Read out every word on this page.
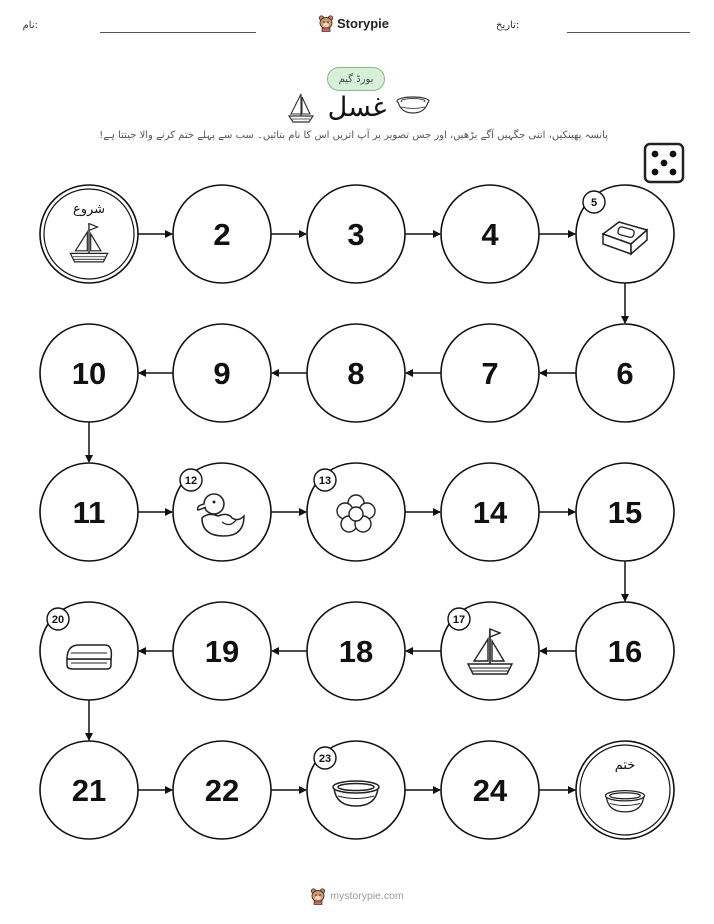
نام:	تاریخ:
Storypie
بورڈ گیم
غسل
پانسہ پھینکیں، اتنی جگہیں آگے بڑھیں، اور جس تصویر پر آپ اتریں اس کا نام بتائیں۔ سب سے پہلے ختم کرنے والا جیتتا ہے!
شروع
2	3	4
5
6
7
8
9
10
11
12	13
14	15
16
17
18
19
20
21	22
23
24
ختم
mystorypie.com
